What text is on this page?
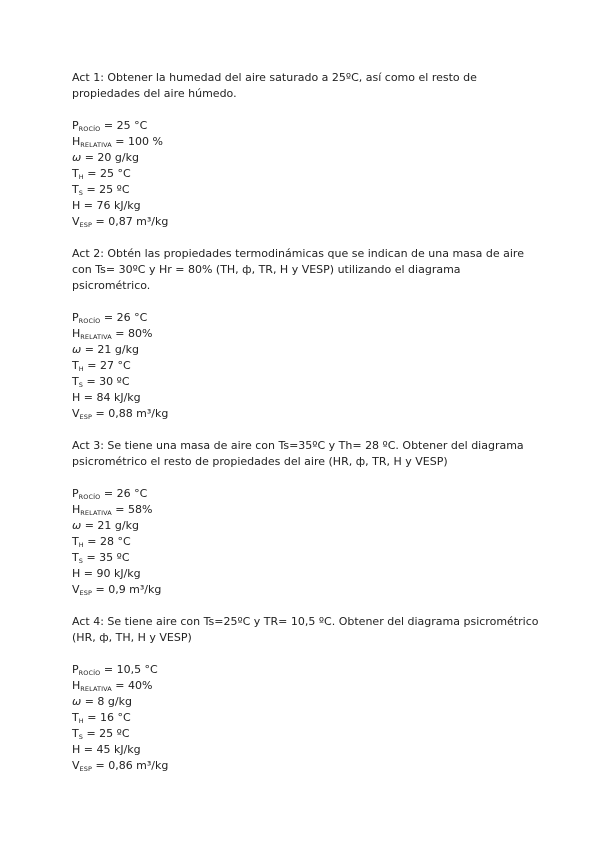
Act 1: Obtener la humedad del aire saturado a 25ºC, así como el resto de propiedades del aire húmedo.

$P_{ROCÍO} = 25$ °C
$H_{RELATIVA} = 100$ %
ω = 20 g/kg
$T_H = 25$ °C
$T_S = 25$ ºC
H = 76 kJ/kg
$V_{ESP} = 0,87$ m³/kg

Act 2: Obtén las propiedades termodinámicas que se indican de una masa de aire con Ts= 30ºC y Hr = 80% (TH, ф, TR, H y VESP) utilizando el diagrama psicrométrico.

$P_{ROCÍO} = 26$ °C
$H_{RELATIVA} = 80\%$
ω = 21 g/kg
$T_H = 27$ °C
$T_S = 30$ ºC
H = 84 kJ/kg
$V_{ESP} = 0,88$ m³/kg

Act 3: Se tiene una masa de aire con Ts=35ºC y Th= 28 ºC. Obtener del diagrama psicrométrico el resto de propiedades del aire (HR, ф, TR, H y VESP)

$P_{ROCÍO} = 26$ °C
$H_{RELATIVA} = 58\%$
ω = 21 g/kg
$T_H = 28$ °C
$T_S = 35$ ºC
H = 90 kJ/kg
$V_{ESP} = 0,9$ m³/kg

Act 4: Se tiene aire con Ts=25ºC y TR= 10,5 ºC. Obtener del diagrama psicrométrico (HR, ф, TH, H y VESP)

$P_{ROCÍO} = 10,5$ °C
$H_{RELATIVA} = 40\%$
ω = 8 g/kg
$T_H = 16$ °C
$T_S = 25$ ºC
H = 45 kJ/kg
$V_{ESP} = 0,86$ m³/kg
